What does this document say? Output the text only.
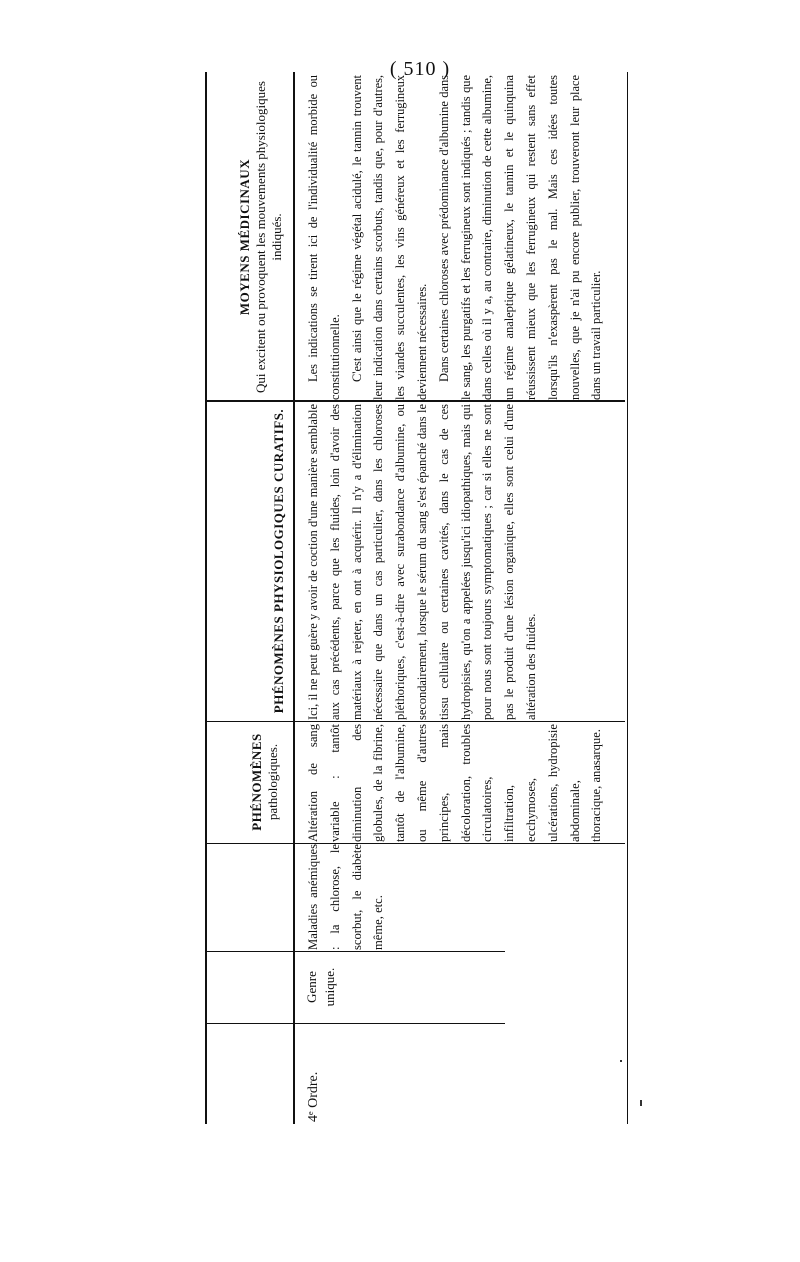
( 510 )
PHÉNOMÈNES pathologiques.
PHÉNOMÈNES PHYSIOLOGIQUES CURATIFS.
MOYENS MÉDICINAUX Qui excitent ou provoquent les mouvements physiologiques indiqués.
4ᵉ Ordre.
Genre unique.
Maladies anémiques : la chlorose, le scorbut, le diabète même, etc.
Altération de sang variable : tantôt diminution des globules, de la fibrine, tantôt de l'albumine, ou même d'autres principes, mais décoloration, troubles circulatoires, infiltration, ecchymoses, ulcérations, hydropisie abdominale, thoracique, anasarque.
Ici, il ne peut guère y avoir de coction d'une manière semblable aux cas précédents, parce que les fluides, loin d'avoir des matériaux à rejeter, en ont à acquérir. Il n'y a d'élimination nécessaire que dans un cas particulier, dans les chloroses pléthoriques, c'est-à-dire avec surabondance d'albumine, ou secondairement, lorsque le sérum du sang s'est épanché dans le tissu cellulaire ou certaines cavités, dans le cas de ces hydropisies, qu'on a appelées jusqu'ici idiopathiques, mais qui pour nous sont toujours symptomatiques ; car si elles ne sont pas le produit d'une lésion organique, elles sont celui d'une altération des fluides.
Les indications se tirent ici de l'individualité morbide ou constitutionnelle. C'est ainsi que le régime végétal acidulé, le tannin trouvent leur indication dans certains scorbuts, tandis que, pour d'autres, les viandes succulentes, les vins généreux et les ferrugineux deviennent nécessaires. Dans certaines chloroses avec prédominance d'albumine dans le sang, les purgatifs et les ferrugineux sont indiqués ; tandis que dans celles où il y a, au contraire, diminution de cette albumine, un régime analeptique gélatineux, le tannin et le quinquina réussissent mieux que les ferrugineux qui restent sans effet lorsqu'ils n'exaspèrent pas le mal. Mais ces idées toutes nouvelles, que je n'ai pu encore publier, trouveront leur place dans un travail particulier.
